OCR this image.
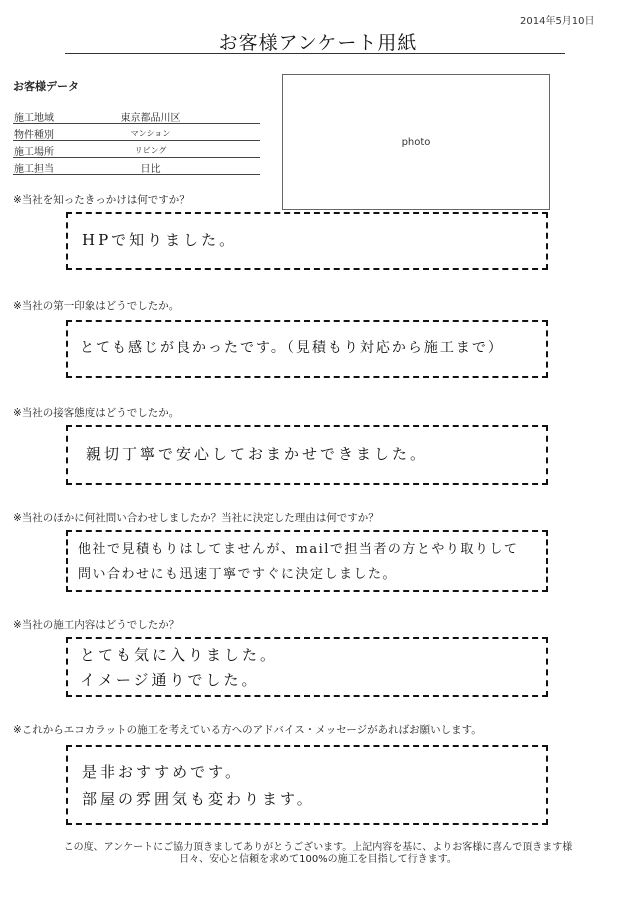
2014年5月10日
お客様アンケート用紙
お客様データ
施工地域	東京都品川区
物件種別	マンション
施工場所	リビング
施工担当	日比
photo
※当社を知ったきっかけは何ですか？
HPで知りました。
※当社の第一印象はどうでしたか。
とても感じが良かったです。（見積もり対応から施工まで）
※当社の接客態度はどうでしたか。
親切丁寧で安心しておまかせできました。
※当社のほかに何社問い合わせしましたか？当社に決定した理由は何ですか？
他社で見積もりはしてませんが、mailで担当者の方とやり取りして
問い合わせにも迅速丁寧ですぐに決定しました。
※当社の施工内容はどうでしたか？
とても気に入りました。
イメージ通りでした。
※これからエコカラットの施工を考えている方へのアドバイス・メッセージがあればお願いします。
是非おすすめです。
部屋の雰囲気も変わります。
この度、アンケートにご協力頂きましてありがとうございます。上記内容を基に、よりお客様に喜んで頂きます様
日々、安心と信頼を求めて100%の施工を目指して行きます。
